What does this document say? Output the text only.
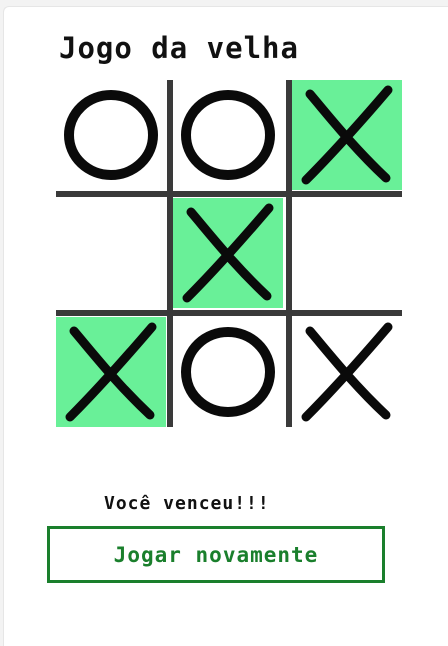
Jogo da velha
Você venceu!!!
Jogar novamente
